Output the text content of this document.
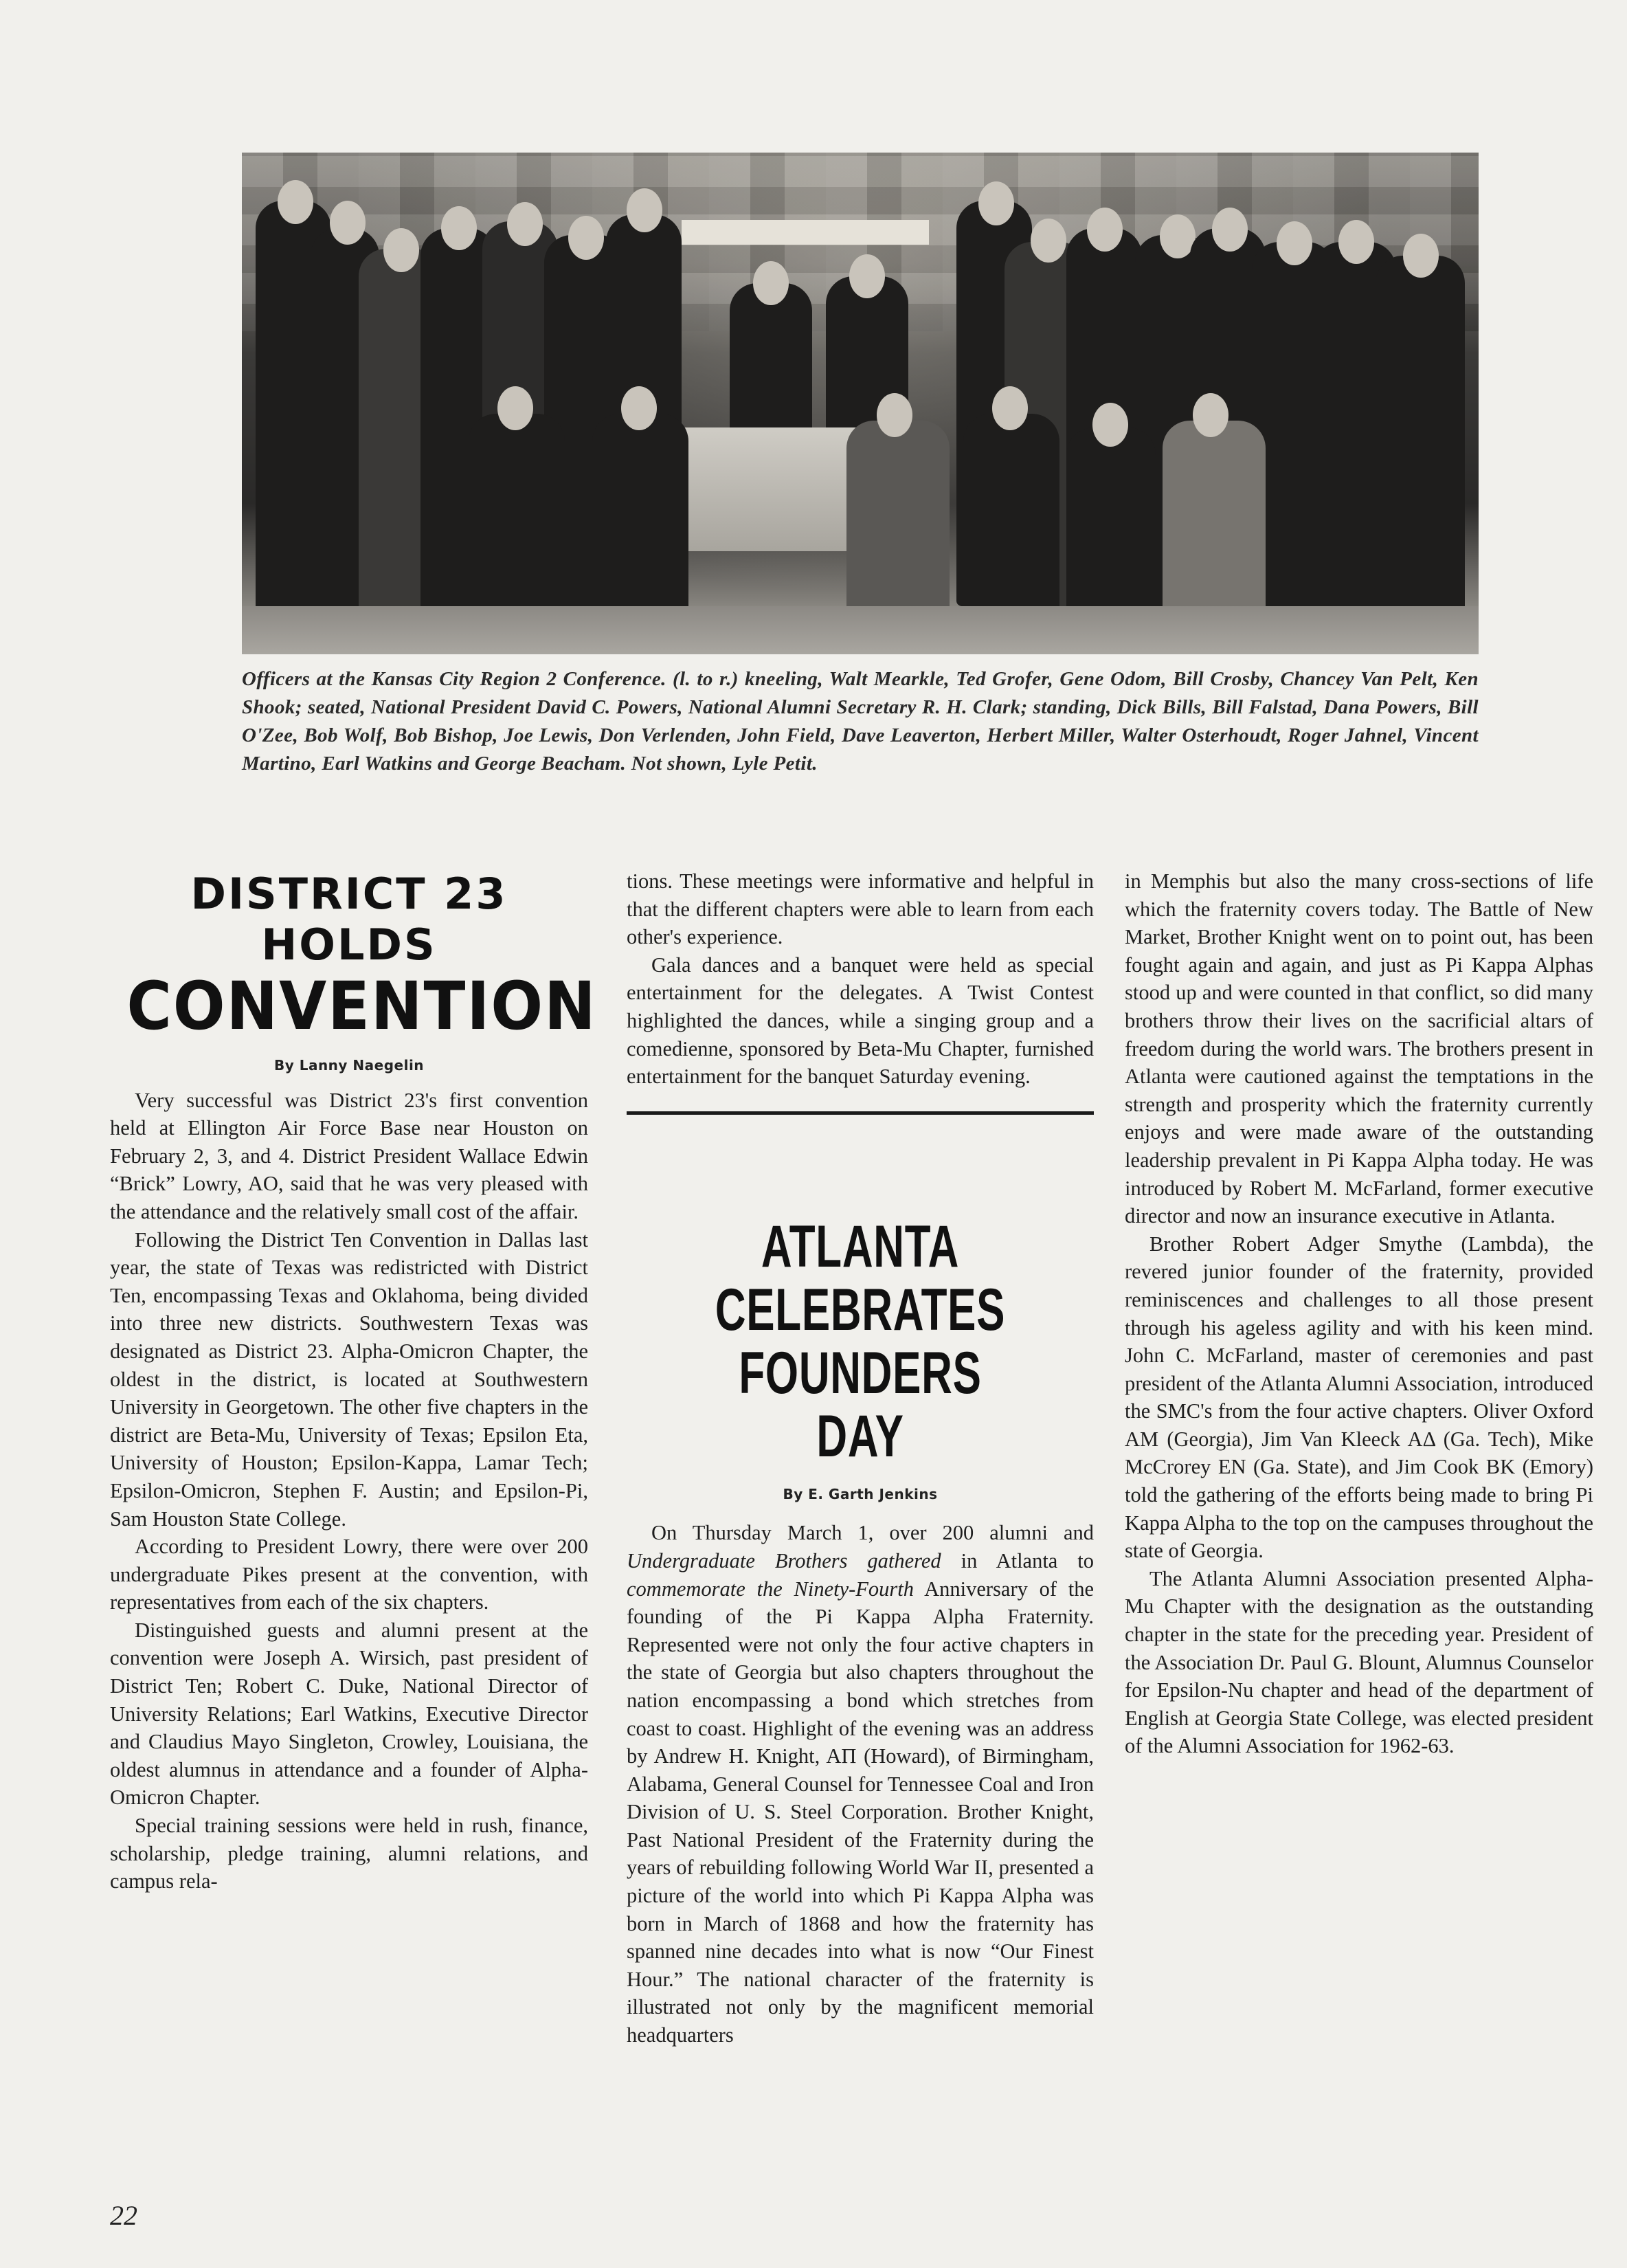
Officers at the Kansas City Region 2 Conference. (l. to r.) kneeling, Walt Mearkle, Ted Grofer, Gene Odom, Bill Crosby, Chancey Van Pelt, Ken Shook; seated, National President David C. Powers, National Alumni Secretary R. H. Clark; standing, Dick Bills, Bill Falstad, Dana Powers, Bill O'Zee, Bob Wolf, Bob Bishop, Joe Lewis, Don Verlenden, John Field, Dave Leaverton, Herbert Miller, Walter Osterhoudt, Roger Jahnel, Vincent Martino, Earl Watkins and George Beacham. Not shown, Lyle Petit.
DISTRICT 23 HOLDS
CONVENTION
By Lanny Naegelin

Very successful was District 23's first convention held at Ellington Air Force Base near Houston on February 2, 3, and 4. District President Wallace Edwin “Brick” Lowry, AO, said that he was very pleased with the attendance and the relatively small cost of the affair.

Following the District Ten Convention in Dallas last year, the state of Texas was redistricted with District Ten, encompassing Texas and Oklahoma, being divided into three new districts. Southwestern Texas was designated as District 23. Alpha-Omicron Chapter, the oldest in the district, is located at Southwestern University in Georgetown. The other five chapters in the district are Beta-Mu, University of Texas; Epsilon Eta, University of Houston; Epsilon-Kappa, Lamar Tech; Epsilon-Omicron, Stephen F. Austin; and Epsilon-Pi, Sam Houston State College.

According to President Lowry, there were over 200 undergraduate Pikes present at the convention, with representatives from each of the six chapters.

Distinguished guests and alumni present at the convention were Joseph A. Wirsich, past president of District Ten; Robert C. Duke, National Director of University Relations; Earl Watkins, Executive Director and Claudius Mayo Singleton, Crowley, Louisiana, the oldest alumnus in attendance and a founder of Alpha-Omicron Chapter.

Special training sessions were held in rush, finance, scholarship, pledge training, alumni relations, and campus rela-

tions. These meetings were informative and helpful in that the different chapters were able to learn from each other's experience.

Gala dances and a banquet were held as special entertainment for the delegates. A Twist Contest highlighted the dances, while a singing group and a comedienne, sponsored by Beta-Mu Chapter, furnished entertainment for the banquet Saturday evening.

ATLANTA CELEBRATES
FOUNDERS DAY
By E. Garth Jenkins

On Thursday March 1, over 200 alumni and Undergraduate Brothers gathered in Atlanta to commemorate the Ninety-Fourth Anniversary of the founding of the Pi Kappa Alpha Fraternity. Represented were not only the four active chapters in the state of Georgia but also chapters throughout the nation encompassing a bond which stretches from coast to coast. Highlight of the evening was an address by Andrew H. Knight, AΠ (Howard), of Birmingham, Alabama, General Counsel for Tennessee Coal and Iron Division of U. S. Steel Corporation. Brother Knight, Past National President of the Fraternity during the years of rebuilding following World War II, presented a picture of the world into which Pi Kappa Alpha was born in March of 1868 and how the fraternity has spanned nine decades into what is now “Our Finest Hour.” The national character of the fraternity is illustrated not only by the magnificent memorial headquarters

in Memphis but also the many cross-sections of life which the fraternity covers today. The Battle of New Market, Brother Knight went on to point out, has been fought again and again, and just as Pi Kappa Alphas stood up and were counted in that conflict, so did many brothers throw their lives on the sacrificial altars of freedom during the world wars. The brothers present in Atlanta were cautioned against the temptations in the strength and prosperity which the fraternity currently enjoys and were made aware of the outstanding leadership prevalent in Pi Kappa Alpha today. He was introduced by Robert M. McFarland, former executive director and now an insurance executive in Atlanta.

Brother Robert Adger Smythe (Lambda), the revered junior founder of the fraternity, provided reminiscences and challenges to all those present through his ageless agility and with his keen mind. John C. McFarland, master of ceremonies and past president of the Atlanta Alumni Association, introduced the SMC's from the four active chapters. Oliver Oxford AM (Georgia), Jim Van Kleeck AΔ (Ga. Tech), Mike McCrorey EN (Ga. State), and Jim Cook BK (Emory) told the gathering of the efforts being made to bring Pi Kappa Alpha to the top on the campuses throughout the state of Georgia.

The Atlanta Alumni Association presented Alpha-Mu Chapter with the designation as the outstanding chapter in the state for the preceding year. President of the Association Dr. Paul G. Blount, Alumnus Counselor for Epsilon-Nu chapter and head of the department of English at Georgia State College, was elected president of the Alumni Association for 1962-63.

22
